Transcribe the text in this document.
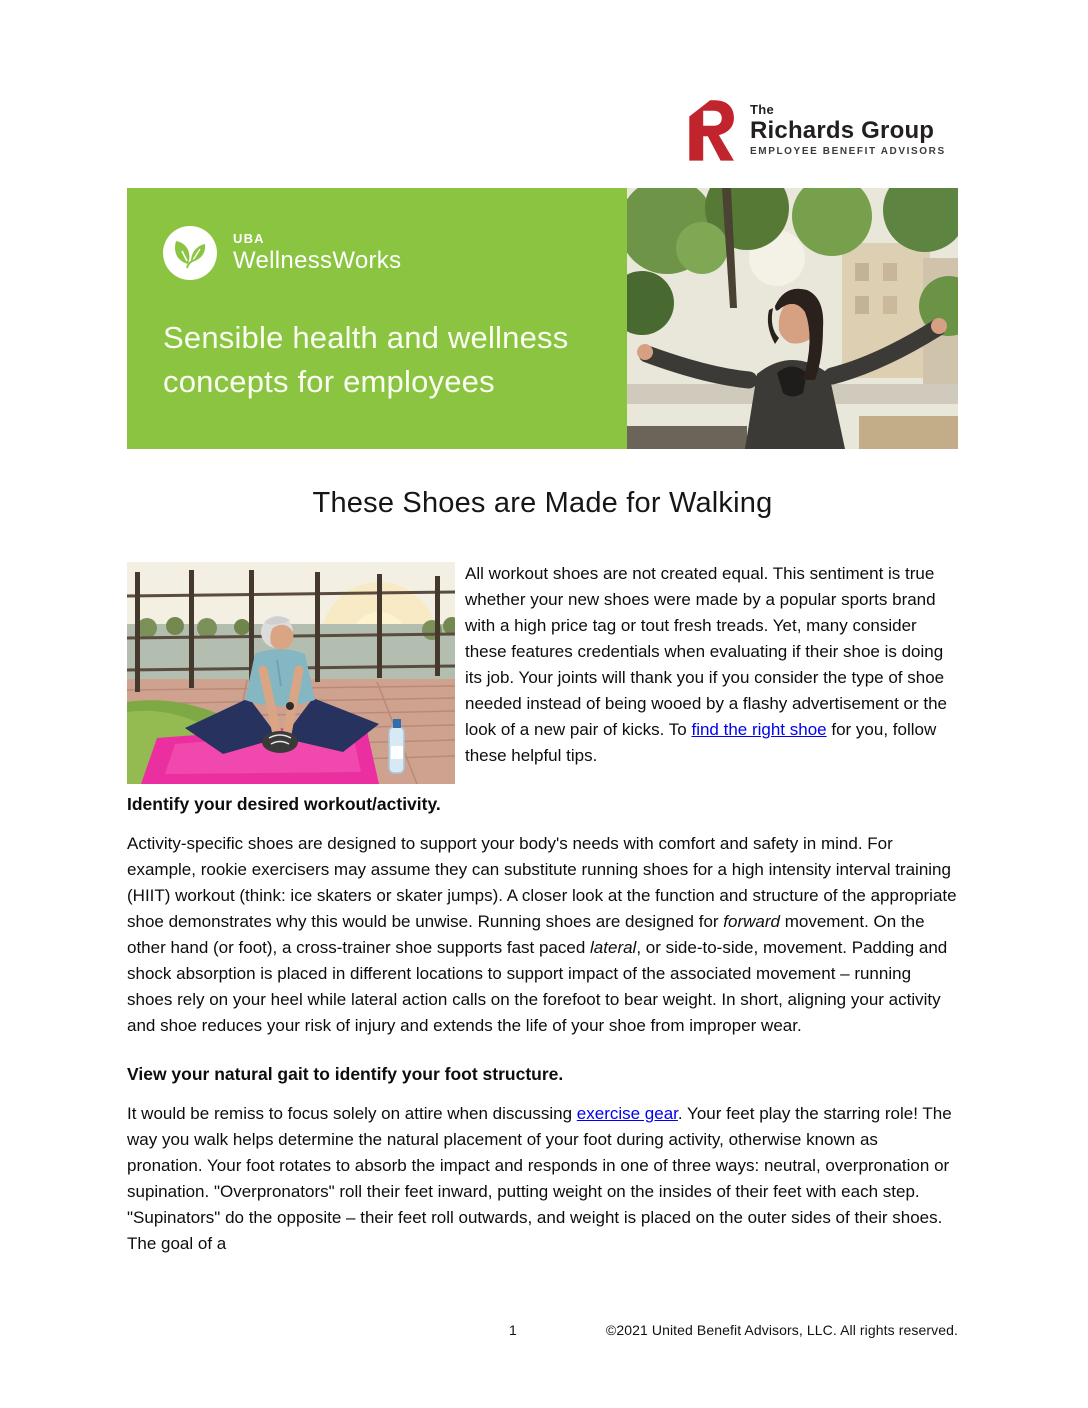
The
Richards Group
EMPLOYEE BENEFIT ADVISORS
UBA
WellnessWorks
Sensible health and wellness concepts for employees
These Shoes are Made for Walking

All workout shoes are not created equal. This sentiment is true whether your new shoes were made by a popular sports brand with a high price tag or tout fresh treads. Yet, many consider these features credentials when evaluating if their shoe is doing its job. Your joints will thank you if you consider the type of shoe needed instead of being wooed by a flashy advertisement or the look of a new pair of kicks. To find the right shoe for you, follow these helpful tips.

Identify your desired workout/activity.

Activity-specific shoes are designed to support your body's needs with comfort and safety in mind. For example, rookie exercisers may assume they can substitute running shoes for a high intensity interval training (HIIT) workout (think: ice skaters or skater jumps). A closer look at the function and structure of the appropriate shoe demonstrates why this would be unwise. Running shoes are designed for forward movement. On the other hand (or foot), a cross-trainer shoe supports fast paced lateral, or side-to-side, movement. Padding and shock absorption is placed in different locations to support impact of the associated movement – running shoes rely on your heel while lateral action calls on the forefoot to bear weight. In short, aligning your activity and shoe reduces your risk of injury and extends the life of your shoe from improper wear.

View your natural gait to identify your foot structure.

It would be remiss to focus solely on attire when discussing exercise gear. Your feet play the starring role! The way you walk helps determine the natural placement of your foot during activity, otherwise known as pronation. Your foot rotates to absorb the impact and responds in one of three ways: neutral, overpronation or supination. "Overpronators" roll their feet inward, putting weight on the insides of their feet with each step. "Supinators" do the opposite – their feet roll outwards, and weight is placed on the outer sides of their shoes. The goal of a

1	©2021 United Benefit Advisors, LLC. All rights reserved.
